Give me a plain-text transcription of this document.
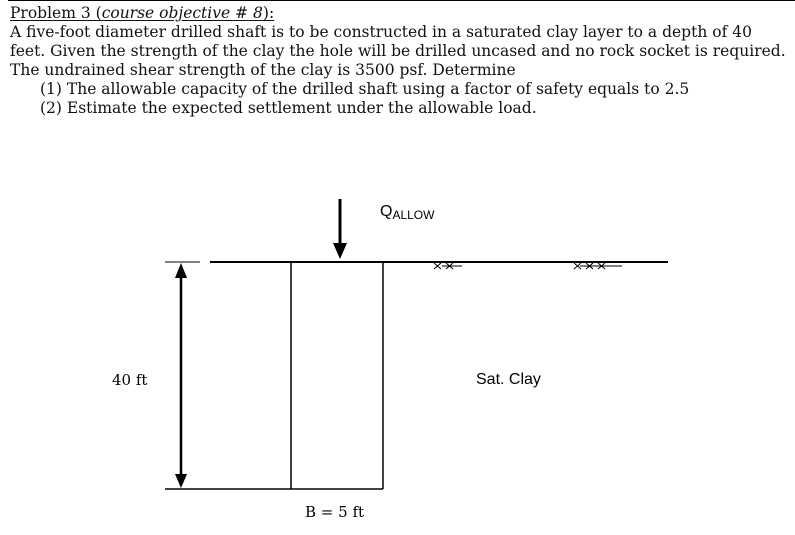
Problem 3 (course objective # 8):

A five-foot diameter drilled shaft is to be constructed in a saturated clay layer to a depth of 40 feet. Given the strength of the clay the hole will be drilled uncased and no rock socket is required. The undrained shear strength of the clay is 3500 psf. Determine

(1) The allowable capacity of the drilled shaft using a factor of safety equals to 2.5

(2) Estimate the expected settlement under the allowable load.

QALLOW
40 ft	Sat. Clay
B = 5 ft
